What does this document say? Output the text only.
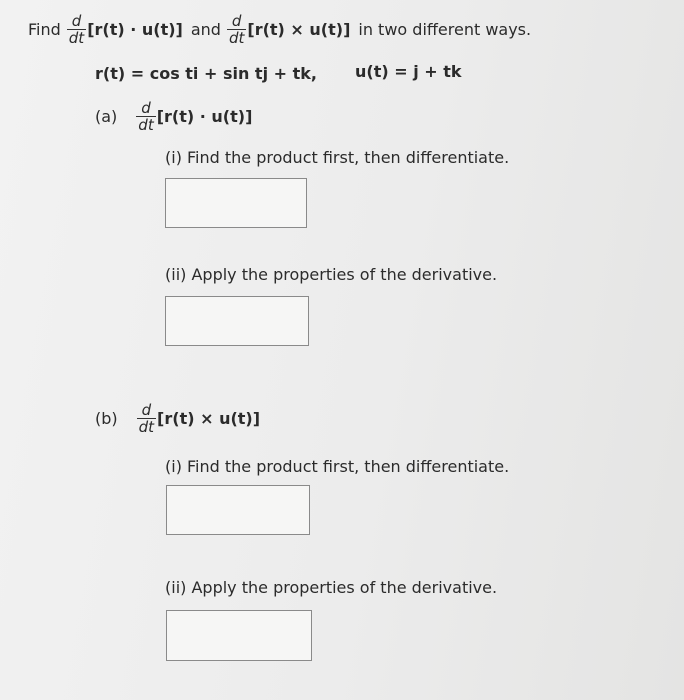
Find $\frac{d}{dt} [r(t) \cdot u(t)]$ and $\frac{d}{dt} [r(t) \times u(t)]$ in two different ways.
r(t) = cos ti + sin tj + tk, u(t) = j + tk
$(a) \frac{d}{dt} [r(t) \cdot u(t)]$
(i) Find the product first, then differentiate.
(ii) Apply the properties of the derivative.
$(b) \frac{d}{dt} [r(t) \times u(t)]$
(i) Find the product first, then differentiate.
(ii) Apply the properties of the derivative.
